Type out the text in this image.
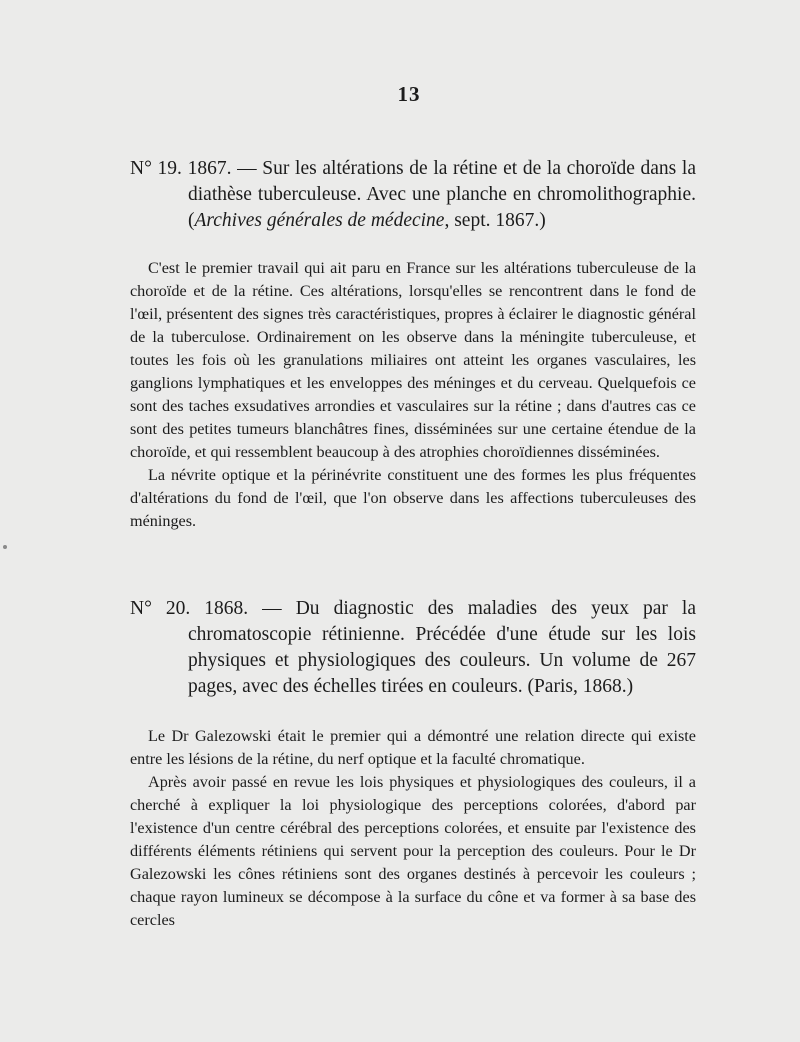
13
N° 19. 1867. — Sur les altérations de la rétine et de la choroïde dans la diathèse tuberculeuse. Avec une planche en chromolithographie. (Archives générales de médecine, sept. 1867.)

C'est le premier travail qui ait paru en France sur les altérations tuberculeuse de la choroïde et de la rétine. Ces altérations, lorsqu'elles se rencontrent dans le fond de l'œil, présentent des signes très caractéristiques, propres à éclairer le diagnostic général de la tuberculose. Ordinairement on les observe dans la méningite tuberculeuse, et toutes les fois où les granulations miliaires ont atteint les organes vasculaires, les ganglions lymphatiques et les enveloppes des méninges et du cerveau. Quelquefois ce sont des taches exsudatives arrondies et vasculaires sur la rétine ; dans d'autres cas ce sont des petites tumeurs blanchâtres fines, disséminées sur une certaine étendue de la choroïde, et qui ressemblent beaucoup à des atrophies choroïdiennes disséminées.

La névrite optique et la périnévrite constituent une des formes les plus fréquentes d'altérations du fond de l'œil, que l'on observe dans les affections tuberculeuses des méninges.

N° 20. 1868. — Du diagnostic des maladies des yeux par la chromatoscopie rétinienne. Précédée d'une étude sur les lois physiques et physiologiques des couleurs. Un volume de 267 pages, avec des échelles tirées en couleurs. (Paris, 1868.)

Le Dr Galezowski était le premier qui a démontré une relation directe qui existe entre les lésions de la rétine, du nerf optique et la faculté chromatique.

Après avoir passé en revue les lois physiques et physiologiques des couleurs, il a cherché à expliquer la loi physiologique des perceptions colorées, d'abord par l'existence d'un centre cérébral des perceptions colorées, et ensuite par l'existence des différents éléments rétiniens qui servent pour la perception des couleurs. Pour le Dr Galezowski les cônes rétiniens sont des organes destinés à percevoir les couleurs ; chaque rayon lumineux se décompose à la surface du cône et va former à sa base des cercles
